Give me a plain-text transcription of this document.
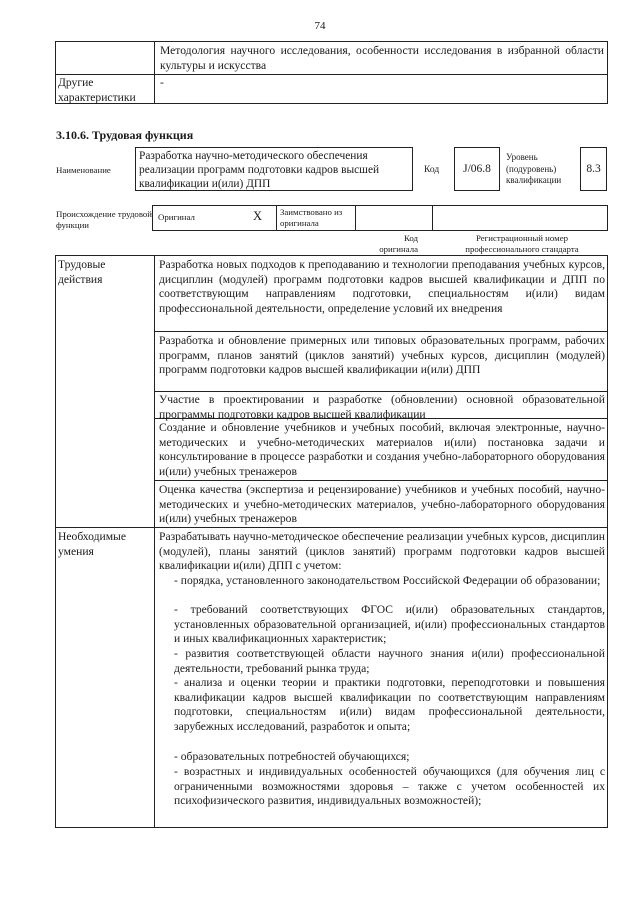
74
Методология научного исследования, особенности исследования в избранной области культуры и искусства
Другие характеристики
-
3.10.6. Трудовая функция
Наименование
Разработка научно-методического обеспечения реализации программ подготовки кадров высшей квалификации и(или) ДПП
Код	J/06.8
Уровень (подуровень) квалификации
8.3
Происхождение трудовой функции
Оригинал	X Заимствовано из оригинала
Код оригинала
Регистрационный номер профессионального стандарта
Трудовые действия
Разработка новых подходов к преподаванию и технологии преподавания учебных курсов, дисциплин (модулей) программ подготовки кадров высшей квалификации и ДПП по соответствующим направлениям подготовки, специальностям и(или) видам профессиональной деятельности, определение условий их внедрения
Разработка и обновление примерных или типовых образовательных программ, рабочих программ, планов занятий (циклов занятий) учебных курсов, дисциплин (модулей) программ подготовки кадров высшей квалификации и(или) ДПП
Участие в проектировании и разработке (обновлении) основной образовательной программы подготовки кадров высшей квалификации
Создание и обновление учебников и учебных пособий, включая электронные, научно-методических и учебно-методических материалов и(или) постановка задачи и консультирование в процессе разработки и создания учебно-лабораторного оборудования и(или) учебных тренажеров
Оценка качества (экспертиза и рецензирование) учебников и учебных пособий, научно-методических и учебно-методических материалов, учебно-лабораторного оборудования и(или) учебных тренажеров
Необходимые умения
Разрабатывать научно-методическое обеспечение реализации учебных курсов, дисциплин (модулей), планы занятий (циклов занятий) программ подготовки кадров высшей квалификации и(или) ДПП с учетом:
- порядка, установленного законодательством Российской Федерации об образовании;
- требований соответствующих ФГОС и(или) образовательных стандартов, установленных образовательной организацией, и(или) профессиональных стандартов и иных квалификационных характеристик;
- развития соответствующей области научного знания и(или) профессиональной деятельности, требований рынка труда;
- анализа и оценки теории и практики подготовки, переподготовки и повышения квалификации кадров высшей квалификации по соответствующим направлениям подготовки, специальностям и(или) видам профессиональной деятельности, зарубежных исследований, разработок и опыта;
- образовательных потребностей обучающихся;
- возрастных и индивидуальных особенностей обучающихся (для обучения лиц с ограниченными возможностями здоровья – также с учетом особенностей их психофизического развития, индивидуальных возможностей);
